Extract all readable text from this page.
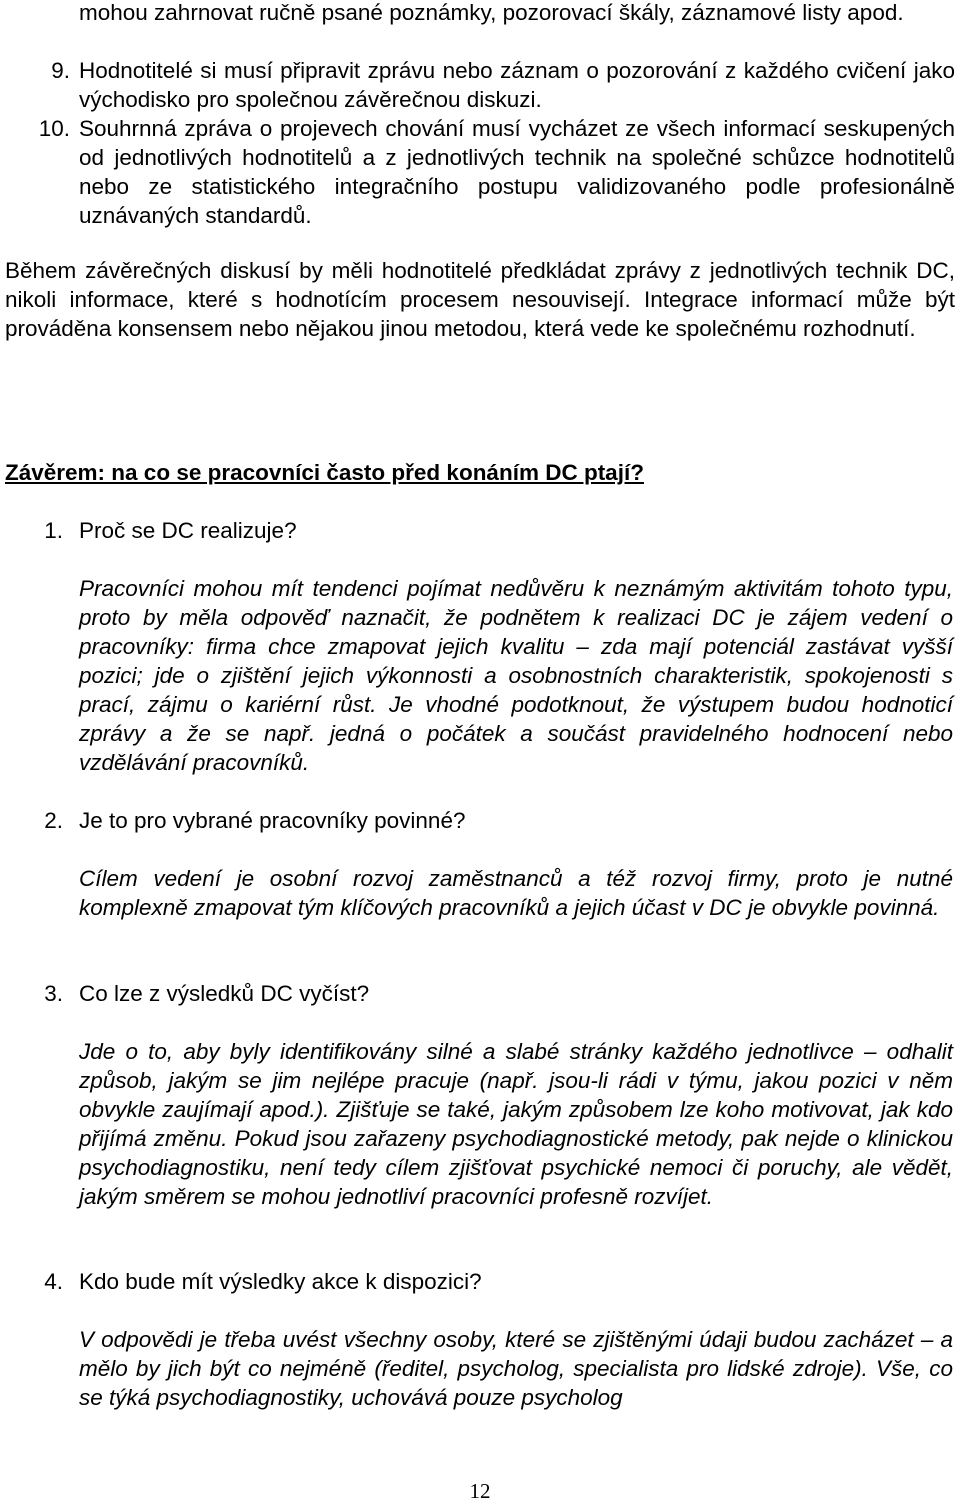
mohou zahrnovat ručně psané poznámky, pozorovací škály, záznamové listy apod.
9. Hodnotitelé si musí připravit zprávu nebo záznam o pozorování z každého cvičení jako východisko pro společnou závěrečnou diskuzi.
10. Souhrnná zpráva o projevech chování musí vycházet ze všech informací seskupených od jednotlivých hodnotitelů a z jednotlivých technik na společné schůzce hodnotitelů nebo ze statistického integračního postupu validizovaného podle profesionálně uznávaných standardů.
Během závěrečných diskusí by měli hodnotitelé předkládat zprávy z jednotlivých technik DC, nikoli informace, které s hodnotícím procesem nesouvisejí. Integrace informací může být prováděna konsensem nebo nějakou jinou metodou, která vede ke společnému rozhodnutí.
Závěrem: na co se pracovníci často před konáním DC ptají?
1. Proč se DC realizuje?
Pracovníci mohou mít tendenci pojímat nedůvěru k neznámým aktivitám tohoto typu, proto by měla odpověď naznačit, že podnětem k realizaci DC je zájem vedení o pracovníky: firma chce zmapovat jejich kvalitu – zda mají potenciál zastávat vyšší pozici; jde o zjištění jejich výkonnosti a osobnostních charakteristik, spokojenosti s prací, zájmu o kariérní růst. Je vhodné podotknout, že výstupem budou hodnoticí zprávy a že se např. jedná o počátek a součást pravidelného hodnocení nebo vzdělávání pracovníků.
2. Je to pro vybrané pracovníky povinné?
Cílem vedení je osobní rozvoj zaměstnanců a též rozvoj firmy, proto je nutné komplexně zmapovat tým klíčových pracovníků a jejich účast v DC je obvykle povinná.
3. Co lze z výsledků DC vyčíst?
Jde o to, aby byly identifikovány silné a slabé stránky každého jednotlivce – odhalit způsob, jakým se jim nejlépe pracuje (např. jsou-li rádi v týmu, jakou pozici v něm obvykle zaujímají apod.). Zjišťuje se také, jakým způsobem lze koho motivovat, jak kdo přijímá změnu. Pokud jsou zařazeny psychodiagnostické metody, pak nejde o klinickou psychodiagnostiku, není tedy cílem zjišťovat psychické nemoci či poruchy, ale vědět, jakým směrem se mohou jednotliví pracovníci profesně rozvíjet.
4. Kdo bude mít výsledky akce k dispozici?
V odpovědi je třeba uvést všechny osoby, které se zjištěnými údaji budou zacházet – a mělo by jich být co nejméně (ředitel, psycholog, specialista pro lidské zdroje). Vše, co se týká psychodiagnostiky, uchovává pouze psycholog
12
